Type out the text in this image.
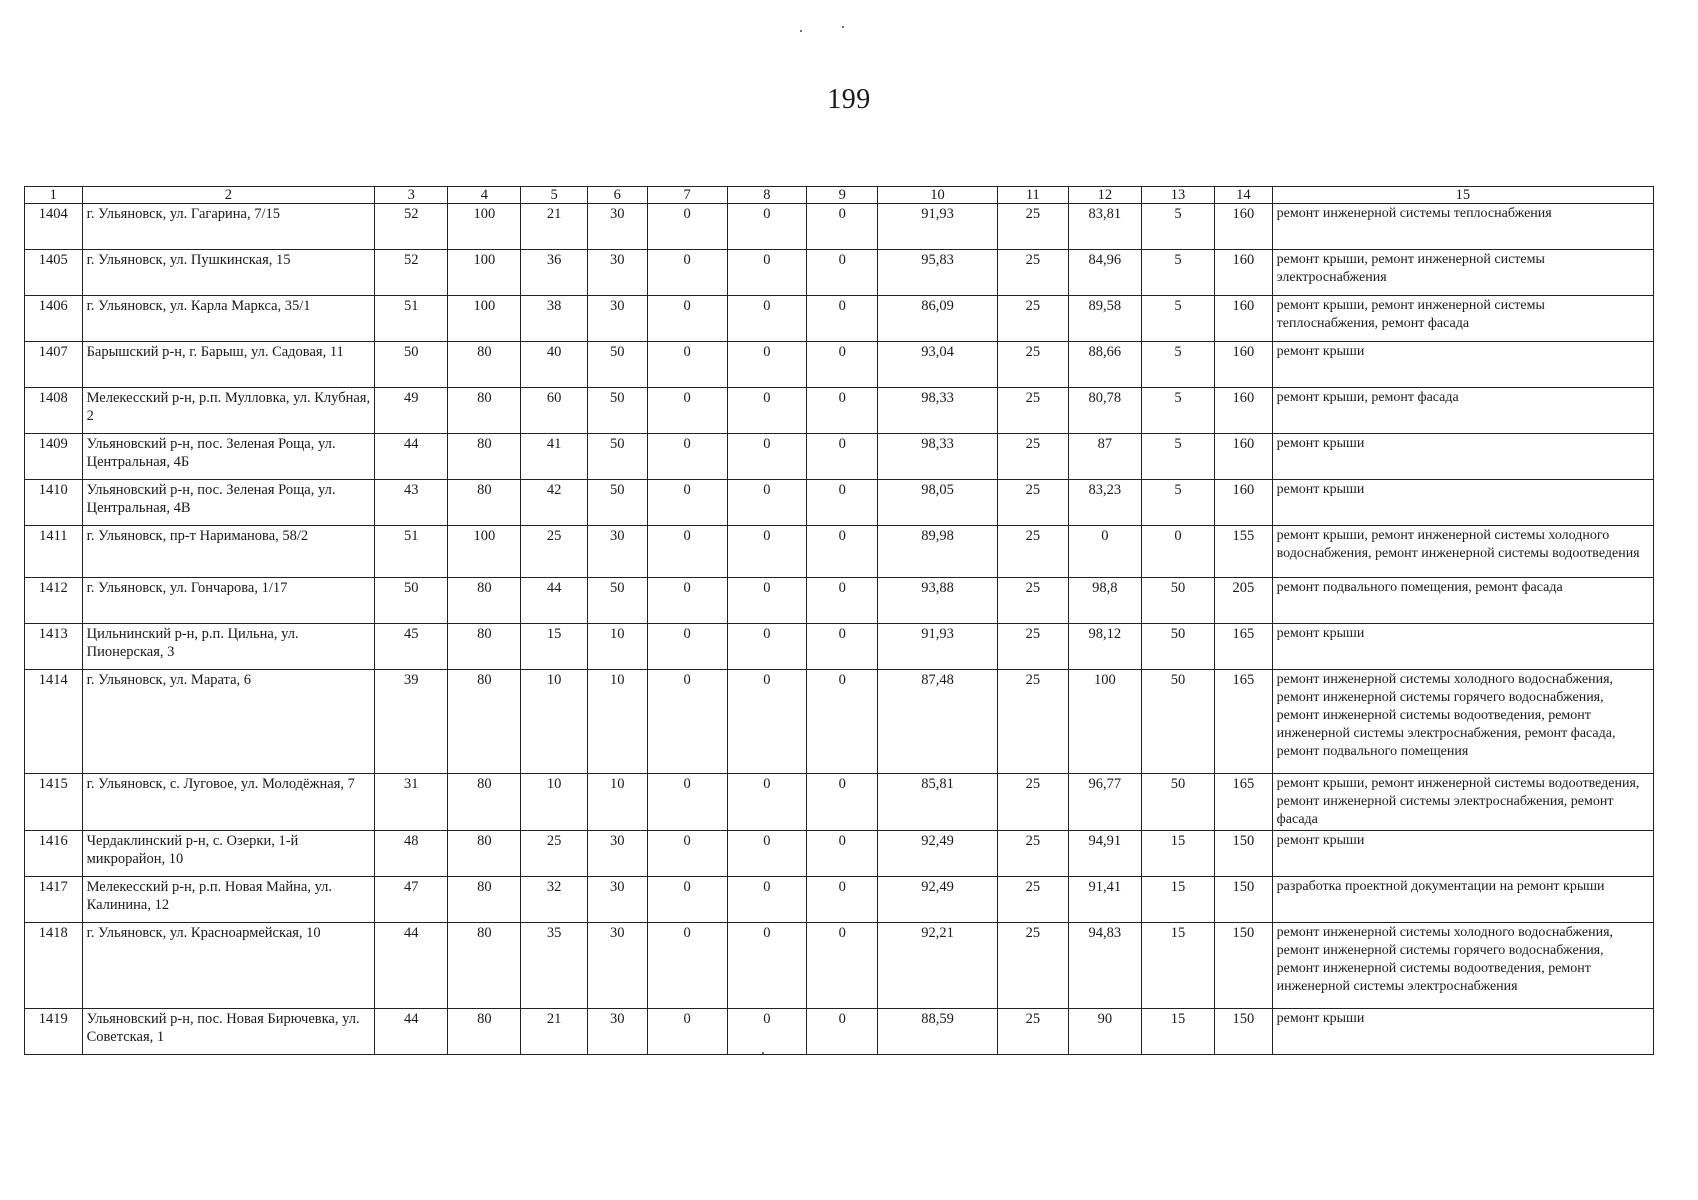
199
1	2	3	4	5	6	7	8	9	10	11	12	13	14	15
1404	г. Ульяновск, ул. Гагарина, 7/15	52	100	21	30	0	0	0	91,93	25	83,81	5	160	ремонт инженерной системы теплоснабжения
1405	г. Ульяновск, ул. Пушкинская, 15	52	100	36	30	0	0	0	95,83	25	84,96	5	160	ремонт крыши, ремонт инженерной системы электроснабжения
1406	г. Ульяновск, ул. Карла Маркса, 35/1	51	100	38	30	0	0	0	86,09	25	89,58	5	160	ремонт крыши, ремонт инженерной системы теплоснабжения, ремонт фасада
1407	Барышский р-н, г. Барыш, ул. Садовая, 11	50	80	40	50	0	0	0	93,04	25	88,66	5	160	ремонт крыши
1408	Мелекесский р-н, р.п. Мулловка, ул. Клубная, 2	49	80	60	50	0	0	0	98,33	25	80,78	5	160	ремонт крыши, ремонт фасада
1409	Ульяновский р-н, пос. Зеленая Роща, ул. Центральная, 4Б	44	80	41	50	0	0	0	98,33	25	87	5	160	ремонт крыши
1410	Ульяновский р-н, пос. Зеленая Роща, ул. Центральная, 4В	43	80	42	50	0	0	0	98,05	25	83,23	5	160	ремонт крыши
1411	г. Ульяновск, пр-т Нариманова, 58/2	51	100	25	30	0	0	0	89,98	25	0	0	155	ремонт крыши, ремонт инженерной системы холодного водоснабжения, ремонт инженерной системы водоотведения
1412	г. Ульяновск, ул. Гончарова, 1/17	50	80	44	50	0	0	0	93,88	25	98,8	50	205	ремонт подвального помещения, ремонт фасада
1413	Цильнинский р-н, р.п. Цильна, ул. Пионерская, 3	45	80	15	10	0	0	0	91,93	25	98,12	50	165	ремонт крыши
1414	г. Ульяновск, ул. Марата, 6	39	80	10	10	0	0	0	87,48	25	100	50	165	ремонт инженерной системы холодного водоснабжения, ремонт инженерной системы горячего водоснабжения, ремонт инженерной системы водоотведения, ремонт инженерной системы электроснабжения, ремонт фасада, ремонт подвального помещения
1415	г. Ульяновск, с. Луговое, ул. Молодёжная, 7	31	80	10	10	0	0	0	85,81	25	96,77	50	165	ремонт крыши, ремонт инженерной системы водоотведения, ремонт инженерной системы электроснабжения, ремонт фасада
1416	Чердаклинский р-н, с. Озерки, 1-й микрорайон, 10	48	80	25	30	0	0	0	92,49	25	94,91	15	150	ремонт крыши
1417	Мелекесский р-н, р.п. Новая Майна, ул. Калинина, 12	47	80	32	30	0	0	0	92,49	25	91,41	15	150	разработка проектной документации на ремонт крыши
1418	г. Ульяновск, ул. Красноармейская, 10	44	80	35	30	0	0	0	92,21	25	94,83	15	150	ремонт инженерной системы холодного водоснабжения, ремонт инженерной системы горячего водоснабжения, ремонт инженерной системы водоотведения, ремонт инженерной системы электроснабжения
1419	Ульяновский р-н, пос. Новая Бирючевка, ул. Советская, 1	44	80	21	30	0	0	0	88,59	25	90	15	150	ремонт крыши
